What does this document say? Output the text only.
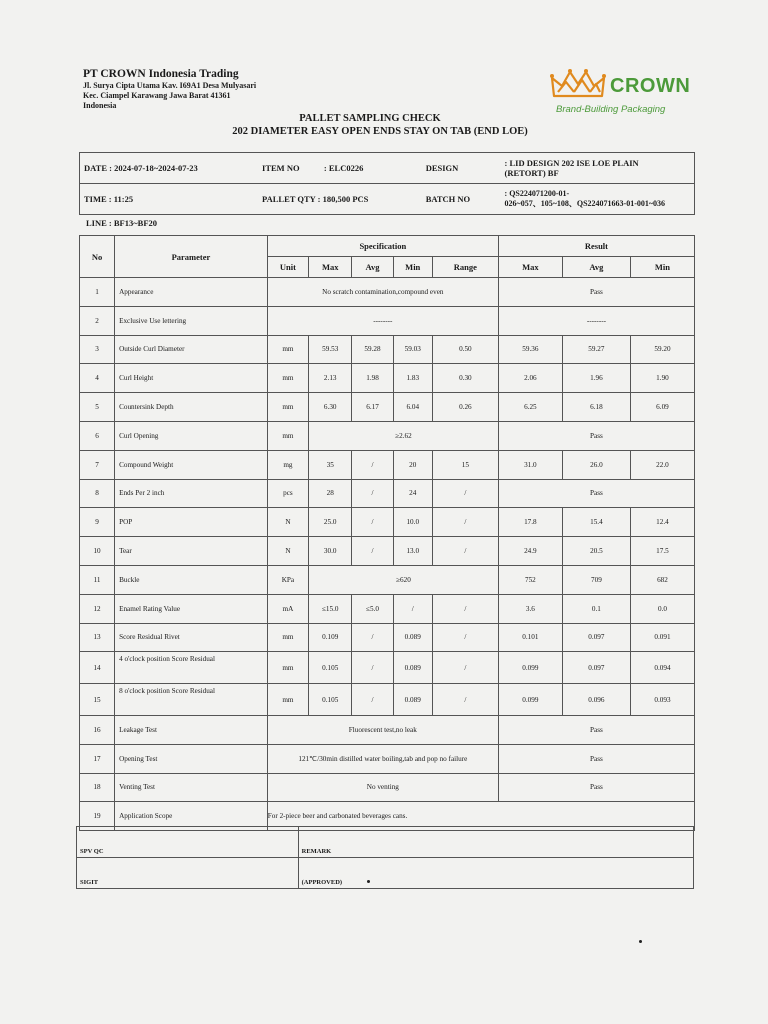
PT CROWN Indonesia Trading
Jl. Surya Cipta Utama Kav. I69A1 Desa Mulyasari
Kec. Ciampel Karawang Jawa Barat 41361
Indonesia
CROWN
Brand-Building Packaging
PALLET SAMPLING CHECK
202 DIAMETER EASY OPEN ENDS STAY ON TAB (END LOE)
DATE : 2024-07-18~2024-07-23	ITEM NO	: ELC0226	DESIGN	: LID DESIGN 202 ISE LOE PLAIN
(RETORT) BF

TIME : 11:25	PALLET QTY : 180,500 PCS		BATCH NO	: QS224071200-01-
026~057、105~108、QS224071663-01-001~036
LINE : BF13~BF20
No	Parameter	Specification					Result		
		Unit	Max	Avg	Min	Range	Max	Avg	Min
1	Appearance	No scratch contamination,compound even					Pass		
2	Exclusive Use lettering	--------					--------		
3	Outside Curl Diameter	mm	59.53	59.28	59.03	0.50	59.36	59.27	59.20
4	Curl Height	mm	2.13	1.98	1.83	0.30	2.06	1.96	1.90
5	Countersink Depth	mm	6.30	6.17	6.04	0.26	6.25	6.18	6.09
6	Curl Opening	mm	≥2.62				Pass		
7	Compound Weight	mg	35	/	20	15	31.0	26.0	22.0
8	Ends Per 2 inch	pcs	28	/	24	/	Pass		
9	POP	N	25.0	/	10.0	/	17.8	15.4	12.4
10	Tear	N	30.0	/	13.0	/	24.9	20.5	17.5
11	Buckle	KPa	≥620				752	709	682
12	Enamel Rating Value	mA	≤15.0	≤5.0	/	/	3.6	0.1	0.0
13	Score Residual Rivet	mm	0.109	/	0.089	/	0.101	0.097	0.091
14	4 o'clock position Score Residual	mm	0.105	/	0.089	/	0.099	0.097	0.094
15	8 o'clock position Score Residual	mm	0.105	/	0.089	/	0.099	0.096	0.093
16	Leakage Test	Fluorescent test,no leak					Pass		
17	Opening Test	121℃/30min distilled water boiling,tab and pop no failure					Pass		
18	Venting Test	No venting					Pass		
19	Application Scope	For 2-piece beer and carbonated beverages cans.							
SPV QC	REMARK
SIGIT	(APPROVED)
